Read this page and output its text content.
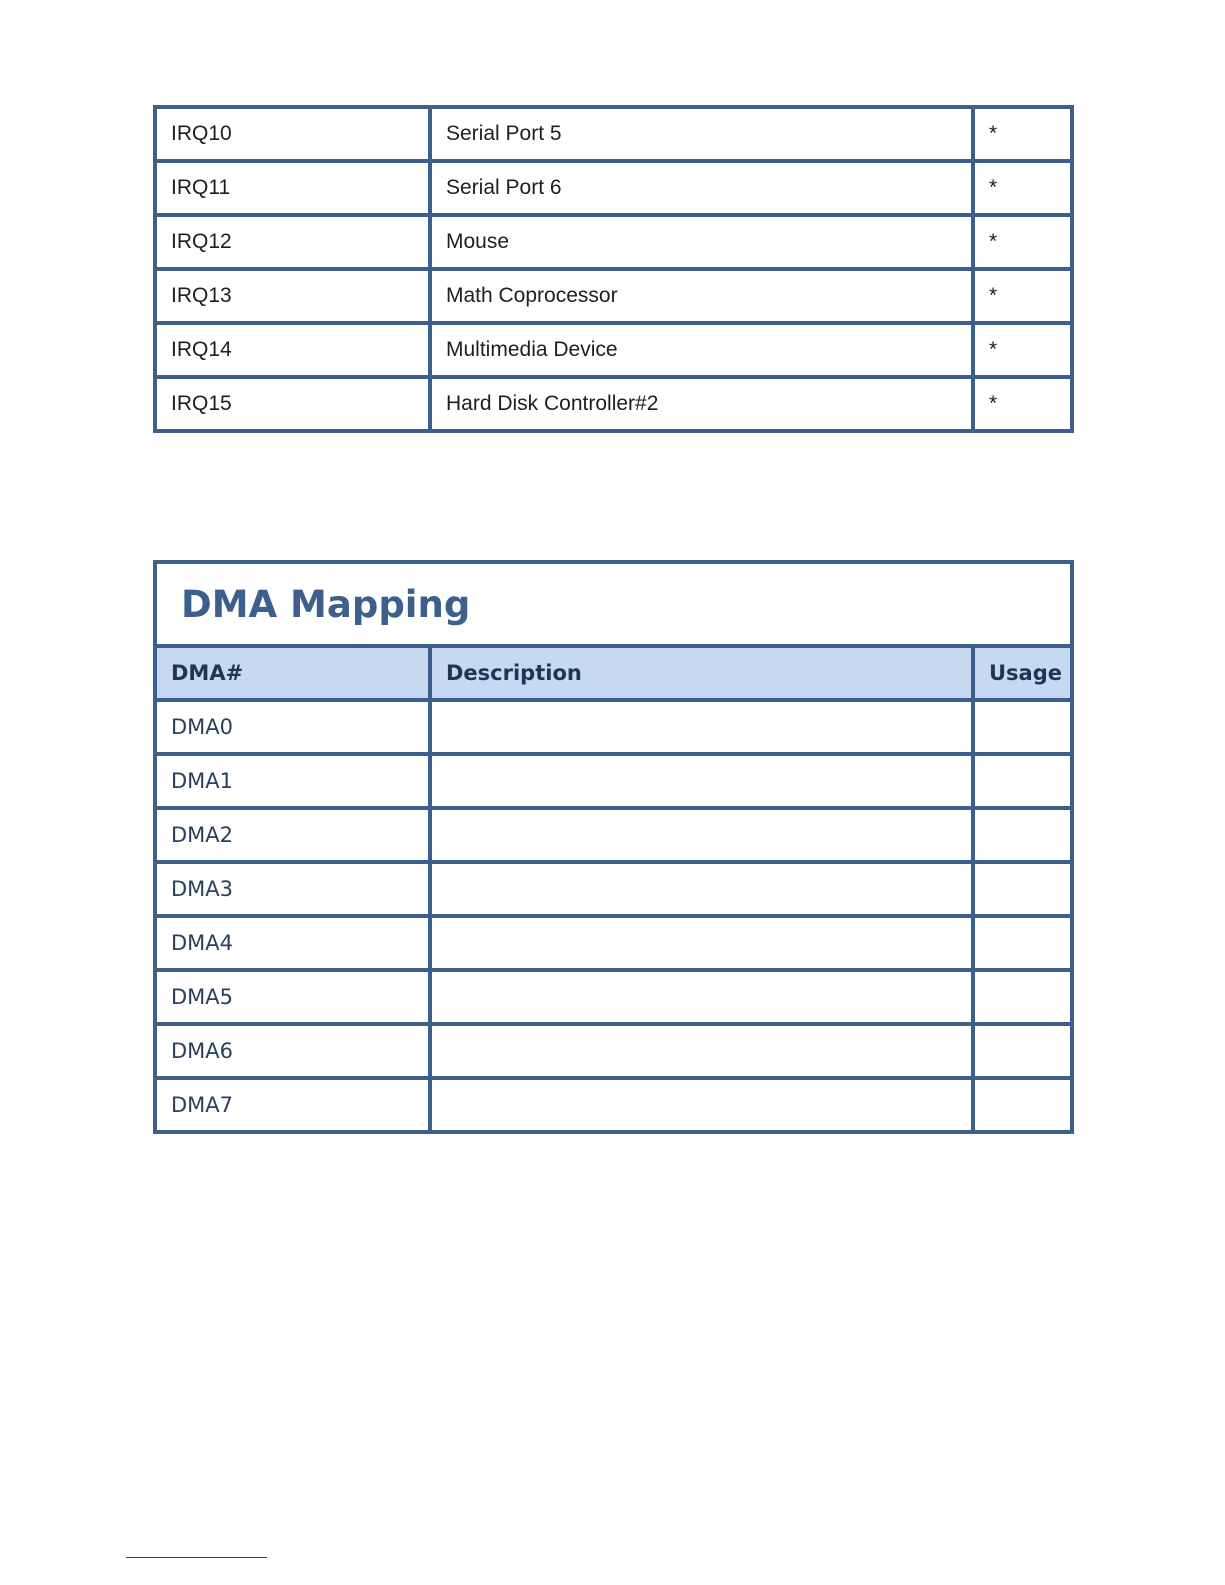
IRQ10	Serial Port 5	*
IRQ11	Serial Port 6	*
IRQ12	Mouse	*
IRQ13	Math Coprocessor	*
IRQ14	Multimedia Device	*
IRQ15	Hard Disk Controller#2	*
DMA Mapping		
DMA#	Description	Usage
DMA0		
DMA1		
DMA2		
DMA3		
DMA4		
DMA5		
DMA6		
DMA7		
